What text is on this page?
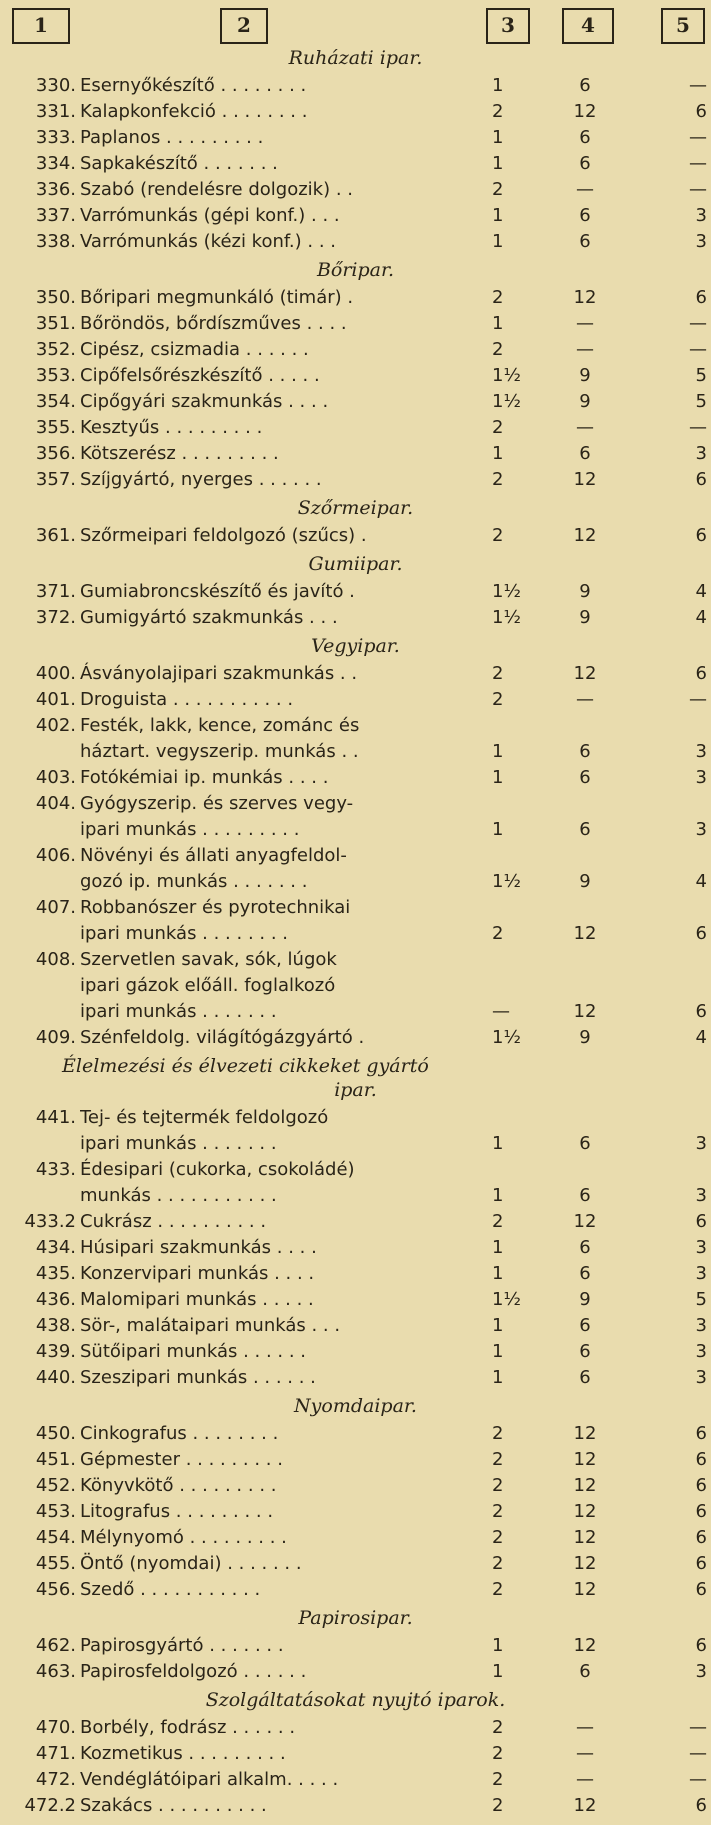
1	2	3	4	5
Ruházati ipar.
330. Esernyőkészítő . . . . . . . .	1	6	—
331. Kalapkonfekció . . . . . . . .	2	12	6
333. Paplanos . . . . . . . . .	1	6	—
334. Sapkakészítő . . . . . . .	1	6	—
336. Szabó (rendelésre dolgozik) . .	2	—	—
337. Varrómunkás (gépi konf.) . . .	1	6	3
338. Varrómunkás (kézi konf.) . . .	1	6	3
Bőripar.
350. Bőripari megmunkáló (timár) .	2	12	6
351. Bőröndös, bőrdíszműves . . . .	1	—	—
352. Cipész, csizmadia . . . . . .	2	—	—
353. Cipőfelsőrészkészítő . . . . .	1½	9	5
354. Cipőgyári szakmunkás . . . .	1½	9	5
355. Kesztyűs . . . . . . . . .	2	—	—
356. Kötszerész . . . . . . . . .	1	6	3
357. Szíjgyártó, nyerges . . . . . .	2	12	6
Szőrmeipar.
361. Szőrmeipari feldolgozó (szűcs) .	2	12	6
Gumiipar.
371. Gumiabroncskészítő és javító .	1½	9	4
372. Gumigyártó szakmunkás . . .	1½	9	4
Vegyipar.
400. Ásványolajipari szakmunkás . .	2	12	6
401. Droguista . . . . . . . . . . .	2	—	—
402. Festék, lakk, kence, zománc és
háztart. vegyszerip. munkás . .	1	6	3
403. Fotókémiai ip. munkás . . . .	1	6	3
404. Gyógyszerip. és szerves vegy-
ipari munkás . . . . . . . . .	1	6	3
406. Növényi és állati anyagfeldol-
gozó ip. munkás . . . . . . .	1½	9	4
407. Robbanószer és pyrotechnikai
ipari munkás . . . . . . . .	2	12	6
408. Szervetlen savak, sók, lúgok
ipari gázok előáll. foglalkozó
ipari munkás . . . . . . .	—	12	6
409. Szénfeldolg. világítógázgyártó .	1½	9	4
Élelmezési és élvezeti cikkeket gyártó
ipar.
441. Tej- és tejtermék feldolgozó
ipari munkás . . . . . . .	1	6	3
433. Édesipari (cukorka, csokoládé)
munkás . . . . . . . . . . .	1	6	3
433.2 Cukrász . . . . . . . . . .	2	12	6
434. Húsipari szakmunkás . . . .	1	6	3
435. Konzervipari munkás . . . .	1	6	3
436. Malomipari munkás . . . . .	1½	9	5
438. Sör-, malátaipari munkás . . .	1	6	3
439. Sütőipari munkás . . . . . .	1	6	3
440. Szeszipari munkás . . . . . .	1	6	3
Nyomdaipar.
450. Cinkografus . . . . . . . .	2	12	6
451. Gépmester . . . . . . . . .	2	12	6
452. Könyvkötő . . . . . . . . .	2	12	6
453. Litografus . . . . . . . . .	2	12	6
454. Mélynyomó . . . . . . . . .	2	12	6
455. Öntő (nyomdai) . . . . . . .	2	12	6
456. Szedő . . . . . . . . . . .	2	12	6
Papirosipar.
462. Papirosgyártó . . . . . . .	1	12	6
463. Papirosfeldolgozó . . . . . .	1	6	3
Szolgáltatásokat nyujtó iparok.
470. Borbély, fodrász . . . . . .	2	—	—
471. Kozmetikus . . . . . . . . .	2	—	—
472. Vendéglátóipari alkalm. . . . .	2	—	—
472.2 Szakács . . . . . . . . . .	2	12	6
